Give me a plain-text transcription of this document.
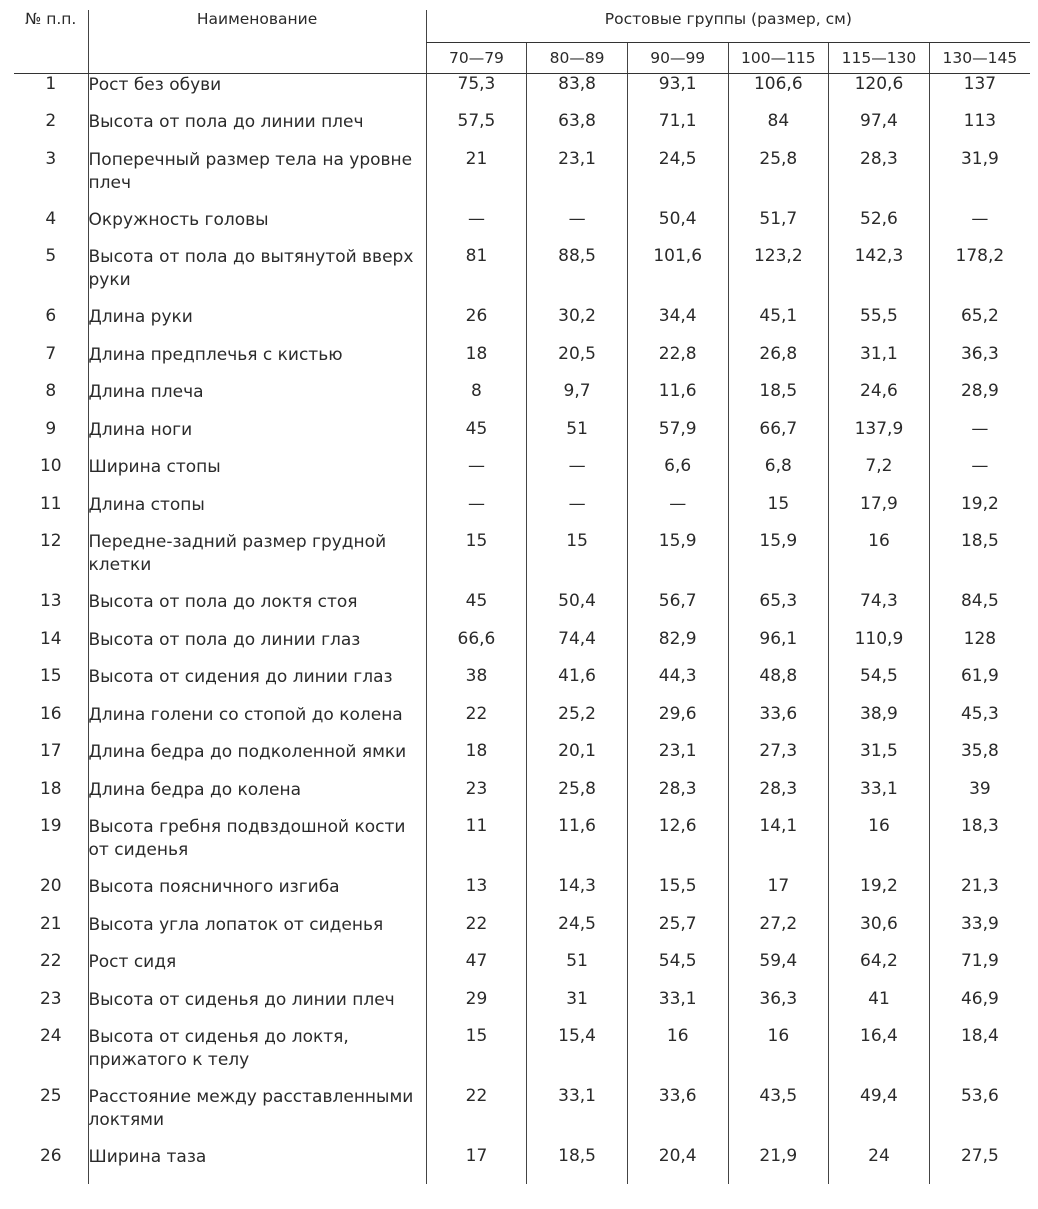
№ п.п.	Наименование	Ростовые группы (размер, см)					
		70—79	80—89	90—99	100—115	115—130	130—145
1	Рост без обуви	75,3	83,8	93,1	106,6	120,6	137
2	Высота от пола до линии плеч	57,5	63,8	71,1	84	97,4	113
3	Поперечный размер тела на уровне плеч	21	23,1	24,5	25,8	28,3	31,9
4	Окружность головы	—	—	50,4	51,7	52,6	—
5	Высота от пола до вытянутой вверх руки	81	88,5	101,6	123,2	142,3	178,2
6	Длина руки	26	30,2	34,4	45,1	55,5	65,2
7	Длина предплечья с кистью	18	20,5	22,8	26,8	31,1	36,3
8	Длина плеча	8	9,7	11,6	18,5	24,6	28,9
9	Длина ноги	45	51	57,9	66,7	137,9	—
10	Ширина стопы	—	—	6,6	6,8	7,2	—
11	Длина стопы	—	—	—	15	17,9	19,2
12	Передне-задний размер грудной клетки	15	15	15,9	15,9	16	18,5
13	Высота от пола до локтя стоя	45	50,4	56,7	65,3	74,3	84,5
14	Высота от пола до линии глаз	66,6	74,4	82,9	96,1	110,9	128
15	Высота от сидения до линии глаз	38	41,6	44,3	48,8	54,5	61,9
16	Длина голени со стопой до колена	22	25,2	29,6	33,6	38,9	45,3
17	Длина бедра до подколенной ямки	18	20,1	23,1	27,3	31,5	35,8
18	Длина бедра до колена	23	25,8	28,3	28,3	33,1	39
19	Высота гребня подвздошной кости от сиденья	11	11,6	12,6	14,1	16	18,3
20	Высота поясничного изгиба	13	14,3	15,5	17	19,2	21,3
21	Высота угла лопаток от сиденья	22	24,5	25,7	27,2	30,6	33,9
22	Рост сидя	47	51	54,5	59,4	64,2	71,9
23	Высота от сиденья до линии плеч	29	31	33,1	36,3	41	46,9
24	Высота от сиденья до локтя, прижатого к телу	15	15,4	16	16	16,4	18,4
25	Расстояние между расставленными локтями	22	33,1	33,6	43,5	49,4	53,6
26	Ширина таза	17	18,5	20,4	21,9	24	27,5
